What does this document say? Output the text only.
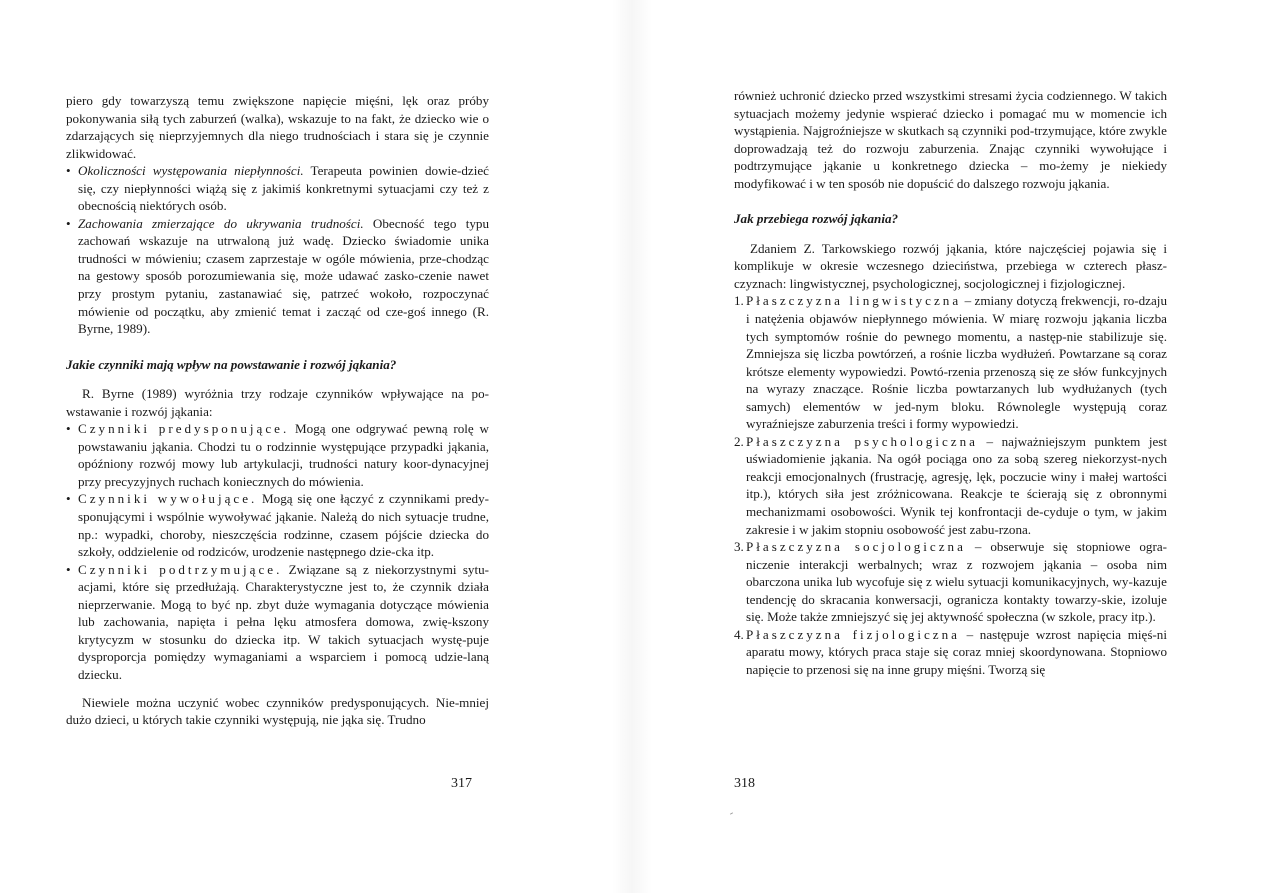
piero gdy towarzyszą temu zwiększone napięcie mięśni, lęk oraz próby pokonywania siłą tych zaburzeń (walka), wskazuje to na fakt, że dziecko wie o zdarzających się nieprzyjemnych dla niego trudnościach i stara się je czynnie zlikwidować.

• Okoliczności występowania niepłynności. Terapeuta powinien dowie-dzieć się, czy niepłynności wiążą się z jakimiś konkretnymi sytuacjami czy też z obecnością niektórych osób.
• Zachowania zmierzające do ukrywania trudności. Obecność tego typu zachowań wskazuje na utrwaloną już wadę. Dziecko świadomie unika trudności w mówieniu; czasem zaprzestaje w ogóle mówienia, prze-chodząc na gestowy sposób porozumiewania się, może udawać zasko-czenie nawet przy prostym pytaniu, zastanawiać się, patrzeć wokoło, rozpoczynać mówienie od początku, aby zmienić temat i zacząć od cze-goś innego (R. Byrne, 1989).

Jakie czynniki mają wpływ na powstawanie i rozwój jąkania?

R. Byrne (1989) wyróżnia trzy rodzaje czynników wpływające na po-wstawanie i rozwój jąkania:

• Czynniki predysponujące. Mogą one odgrywać pewną rolę w powstawaniu jąkania. Chodzi tu o rodzinnie występujące przypadki jąkania, opóźniony rozwój mowy lub artykulacji, trudności natury koor-dynacyjnej przy precyzyjnych ruchach koniecznych do mówienia.
• Czynniki wywołujące. Mogą się one łączyć z czynnikami predy-sponującymi i wspólnie wywoływać jąkanie. Należą do nich sytuacje trudne, np.: wypadki, choroby, nieszczęścia rodzinne, czasem pójście dziecka do szkoły, oddzielenie od rodziców, urodzenie następnego dzie-cka itp.
• Czynniki podtrzymujące. Związane są z niekorzystnymi sytu-acjami, które się przedłużają. Charakterystyczne jest to, że czynnik działa nieprzerwanie. Mogą to być np. zbyt duże wymagania dotyczące mówienia lub zachowania, napięta i pełna lęku atmosfera domowa, zwię-kszony krytycyzm w stosunku do dziecka itp. W takich sytuacjach wystę-puje dysproporcja pomiędzy wymaganiami a wsparciem i pomocą udzie-laną dziecku.

Niewiele można uczynić wobec czynników predysponujących. Nie-mniej dużo dzieci, u których takie czynniki występują, nie jąka się. Trudno

317

również uchronić dziecko przed wszystkimi stresami życia codziennego. W takich sytuacjach możemy jedynie wspierać dziecko i pomagać mu w momencie ich wystąpienia. Najgroźniejsze w skutkach są czynniki pod-trzymujące, które zwykle doprowadzają też do rozwoju zaburzenia. Znając czynniki wywołujące i podtrzymujące jąkanie u konkretnego dziecka – mo-żemy je niekiedy modyfikować i w ten sposób nie dopuścić do dalszego rozwoju jąkania.

Jak przebiega rozwój jąkania?

Zdaniem Z. Tarkowskiego rozwój jąkania, które najczęściej pojawia się i komplikuje w okresie wczesnego dzieciństwa, przebiega w czterech płasz-czyznach: lingwistycznej, psychologicznej, socjologicznej i fizjologicznej.

1. Płaszczyzna lingwistyczna – zmiany dotyczą frekwencji, ro-dzaju i natężenia objawów niepłynnego mówienia. W miarę rozwoju jąkania liczba tych symptomów rośnie do pewnego momentu, a następ-nie stabilizuje się. Zmniejsza się liczba powtórzeń, a rośnie liczba wydłużeń. Powtarzane są coraz krótsze elementy wypowiedzi. Powtó-rzenia przenoszą się ze słów funkcyjnych na wyrazy znaczące. Rośnie liczba powtarzanych lub wydłużanych (tych samych) elementów w jed-nym bloku. Równolegle występują coraz wyraźniejsze zaburzenia treści i formy wypowiedzi.
2. Płaszczyzna psychologiczna – najważniejszym punktem jest uświadomienie jąkania. Na ogół pociąga ono za sobą szereg niekorzyst-nych reakcji emocjonalnych (frustrację, agresję, lęk, poczucie winy i małej wartości itp.), których siła jest zróżnicowana. Reakcje te ścierają się z obronnymi mechanizmami osobowości. Wynik tej konfrontacji de-cyduje o tym, w jakim zakresie i w jakim stopniu osobowość jest zabu-rzona.
3. Płaszczyzna socjologiczna – obserwuje się stopniowe ogra-niczenie interakcji werbalnych; wraz z rozwojem jąkania – osoba nim obarczona unika lub wycofuje się z wielu sytuacji komunikacyjnych, wy-kazuje tendencję do skracania konwersacji, ogranicza kontakty towarzy-skie, izoluje się. Może także zmniejszyć się jej aktywność społeczna (w szkole, pracy itp.).
4. Płaszczyzna fizjologiczna – następuje wzrost napięcia mięś-ni aparatu mowy, których praca staje się coraz mniej skoordynowana. Stopniowo napięcie to przenosi się na inne grupy mięśni. Tworzą się
318
